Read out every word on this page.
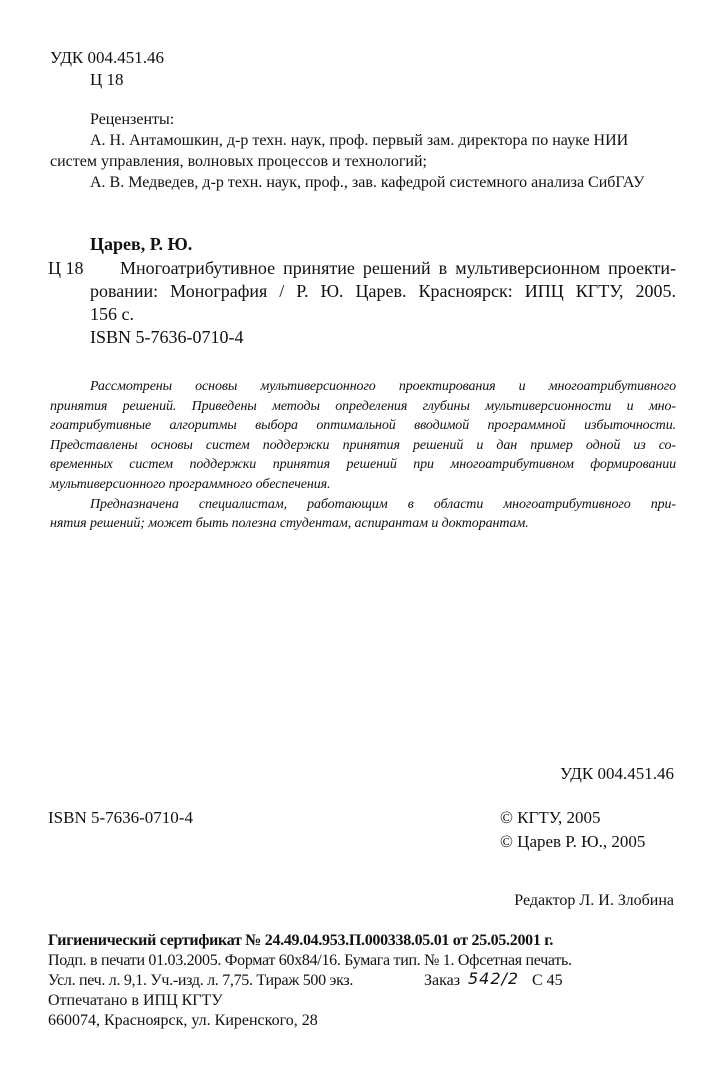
УДК 004.451.46
Ц 18
Рецензенты:
А. Н. Антамошкин, д-р техн. наук, проф. первый зам. директора по науке НИИ
систем управления, волновых процессов и технологий;
А. В. Медведев, д-р техн. наук, проф., зав. кафедрой системного анализа СибГАУ
Царев, Р. Ю.
Ц 18 Многоатрибутивное принятие решений в мультиверсионном проекти-
ровании: Монография / Р. Ю. Царев. Красноярск: ИПЦ КГТУ, 2005.
156 с.
ISBN 5-7636-0710-4
Рассмотрены основы мультиверсионного проектирования и многоатрибутивного
принятия решений. Приведены методы определения глубины мультиверсионности и мно-
гоатрибутивные алгоритмы выбора оптимальной вводимой программной избыточности.
Представлены основы систем поддержки принятия решений и дан пример одной из со-
временных систем поддержки принятия решений при многоатрибутивном формировании
мультиверсионного программного обеспечения.
Предназначена специалистам, работающим в области многоатрибутивного при-
нятия решений; может быть полезна студентам, аспирантам и докторантам.
УДК 004.451.46
ISBN 5-7636-0710-4	© КГТУ, 2005
© Царев Р. Ю., 2005
Редактор Л. И. Злобина
Гигиенический сертификат № 24.49.04.953.П.000338.05.01 от 25.05.2001 г.
Подп. в печати 01.03.2005. Формат 60x84/16. Бумага тип. № 1. Офсетная печать.
Усл. печ. л. 9,1. Уч.-изд. л. 7,75. Тираж 500 экз.	Заказ 542/2 С 45
Отпечатано в ИПЦ КГТУ
660074, Красноярск, ул. Киренского, 28
